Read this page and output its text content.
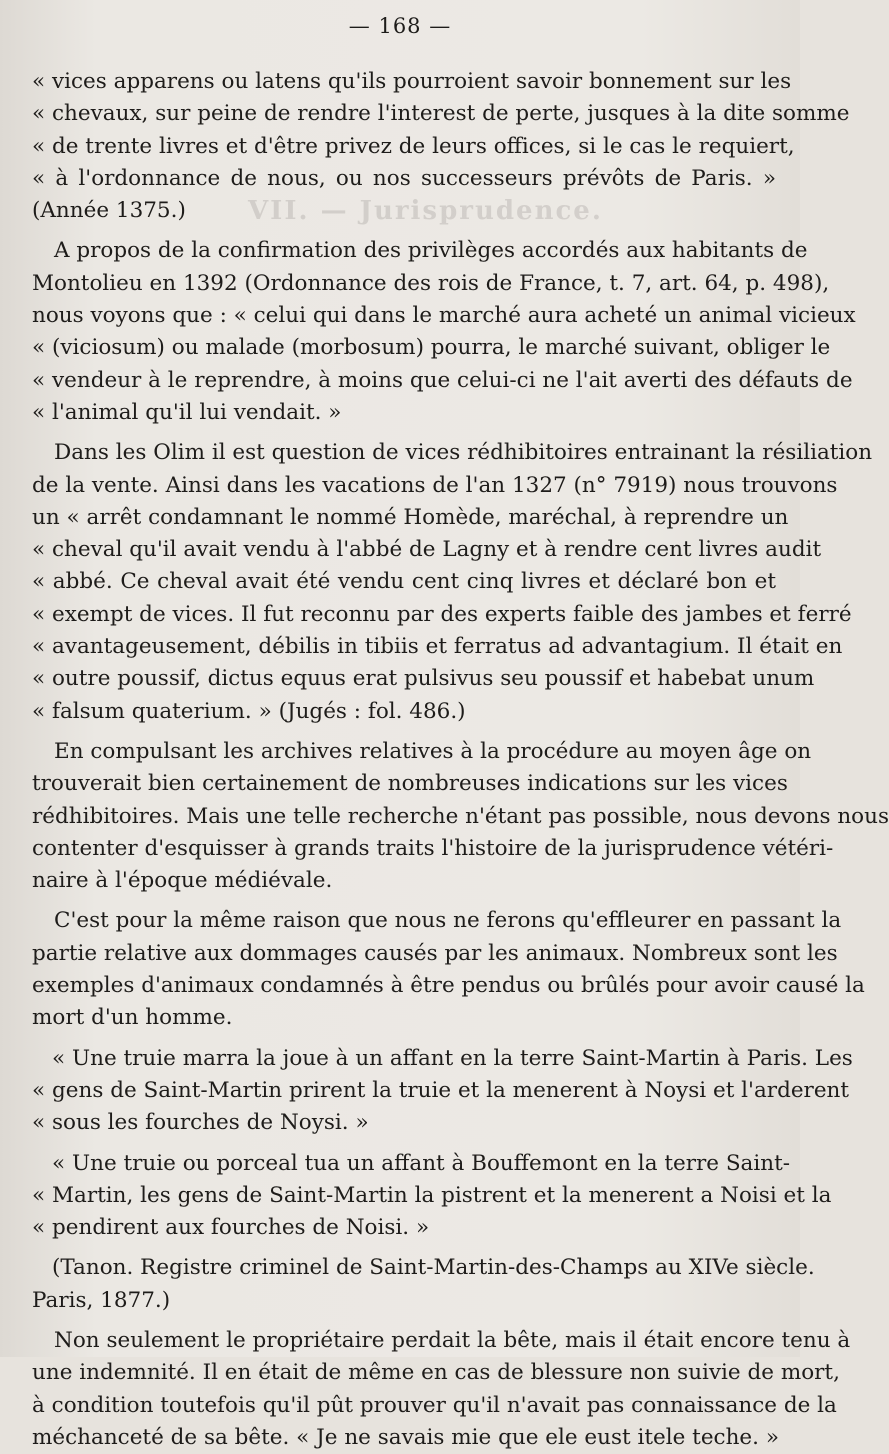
— 168 —
VII. — Jurisprudence.
« vices apparens ou latens qu'ils pourroient savoir bonnement sur les
« chevaux, sur peine de rendre l'interest de perte, jusques à la dite somme
« de trente livres et d'être privez de leurs offices, si le cas le requiert,
« à l'ordonnance de nous, ou nos successeurs prévôts de Paris. »
(Année 1375.)
A propos de la confirmation des privilèges accordés aux habitants de
Montolieu en 1392 (Ordonnance des rois de France, t. 7, art. 64, p. 498),
nous voyons que : « celui qui dans le marché aura acheté un animal vicieux
« (viciosum) ou malade (morbosum) pourra, le marché suivant, obliger le
« vendeur à le reprendre, à moins que celui-ci ne l'ait averti des défauts de
« l'animal qu'il lui vendait. »
Dans les Olim il est question de vices rédhibitoires entrainant la résiliation
de la vente. Ainsi dans les vacations de l'an 1327 (n° 7919) nous trouvons
un « arrêt condamnant le nommé Homède, maréchal, à reprendre un
« cheval qu'il avait vendu à l'abbé de Lagny et à rendre cent livres audit
« abbé. Ce cheval avait été vendu cent cinq livres et déclaré bon et
« exempt de vices. Il fut reconnu par des experts faible des jambes et ferré
« avantageusement, débilis in tibiis et ferratus ad advantagium. Il était en
« outre poussif, dictus equus erat pulsivus seu poussif et habebat unum
« falsum quaterium. » (Jugés : fol. 486.)
En compulsant les archives relatives à la procédure au moyen âge on
trouverait bien certainement de nombreuses indications sur les vices
rédhibitoires. Mais une telle recherche n'étant pas possible, nous devons nous
contenter d'esquisser à grands traits l'histoire de la jurisprudence vétéri-
naire à l'époque médiévale.
C'est pour la même raison que nous ne ferons qu'effleurer en passant la
partie relative aux dommages causés par les animaux. Nombreux sont les
exemples d'animaux condamnés à être pendus ou brûlés pour avoir causé la
mort d'un homme.
« Une truie marra la joue à un affant en la terre Saint-Martin à Paris. Les
« gens de Saint-Martin prirent la truie et la menerent à Noysi et l'arderent
« sous les fourches de Noysi. »
« Une truie ou porceal tua un affant à Bouffemont en la terre Saint-
« Martin, les gens de Saint-Martin la pistrent et la menerent a Noisi et la
« pendirent aux fourches de Noisi. »
(Tanon. Registre criminel de Saint-Martin-des-Champs au XIVe siècle.
Paris, 1877.)
Non seulement le propriétaire perdait la bête, mais il était encore tenu à
une indemnité. Il en était de même en cas de blessure non suivie de mort,
à condition toutefois qu'il pût prouver qu'il n'avait pas connaissance de la
méchanceté de sa bête. « Je ne savais mie que ele eust itele teche. »
